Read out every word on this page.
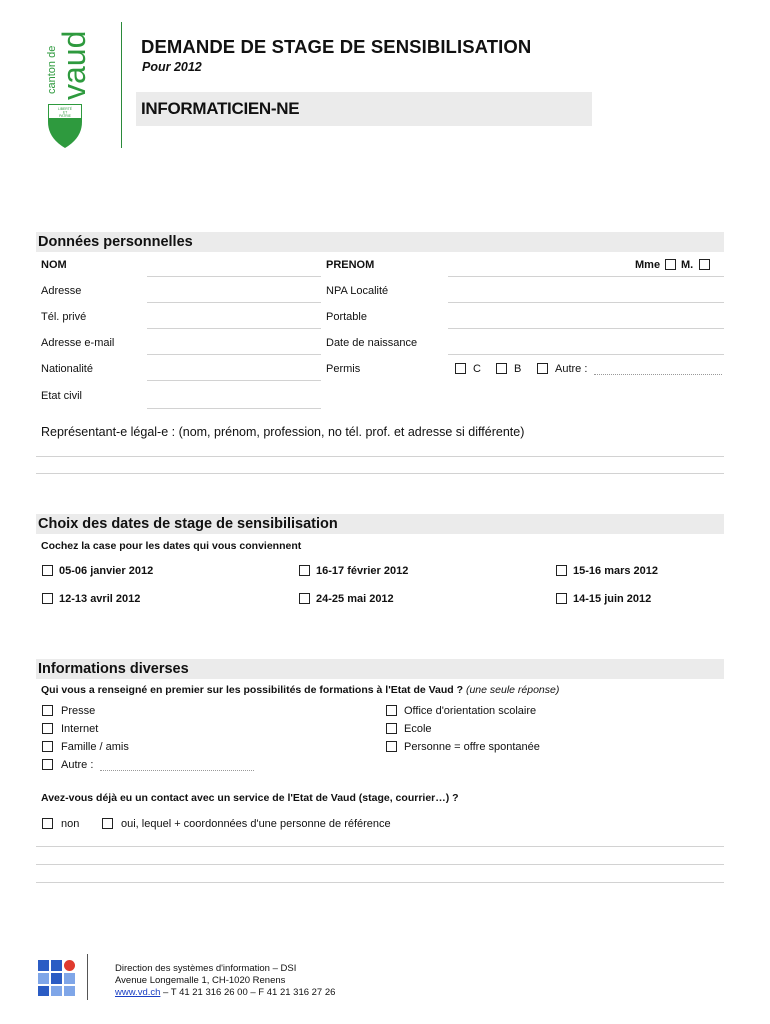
canton de
vaud
LIBERTÉ
ET
PATRIE
DEMANDE DE STAGE DE SENSIBILISATION
Pour 2012
INFORMATICIEN-NE
Données personnelles
NOM	PRENOM	Mme M.
Adresse	NPA Localité
Tél. privé	Portable
Adresse e-mail	Date de naissance
Nationalité	Permis	C	B	Autre :
Etat civil
Représentant-e légal-e : (nom, prénom, profession, no tél. prof. et adresse si différente)
Choix des dates de stage de sensibilisation
Cochez la case pour les dates qui vous conviennent
05-06 janvier 2012	16-17 février 2012	15-16 mars 2012
12-13 avril 2012	24-25 mai 2012	14-15 juin 2012
Informations diverses
Qui vous a renseigné en premier sur les possibilités de formations à l'Etat de Vaud ? (une seule réponse)
Presse
Internet
Famille / amis
Autre :
Office d'orientation scolaire
Ecole
Personne = offre spontanée
Avez-vous déjà eu un contact avec un service de l'Etat de Vaud (stage, courrier…) ?
non	oui, lequel + coordonnées d'une personne de référence
Direction des systèmes d'information – DSI
Avenue Longemalle 1, CH-1020 Renens
www.vd.ch – T 41 21 316 26 00 – F 41 21 316 27 26
